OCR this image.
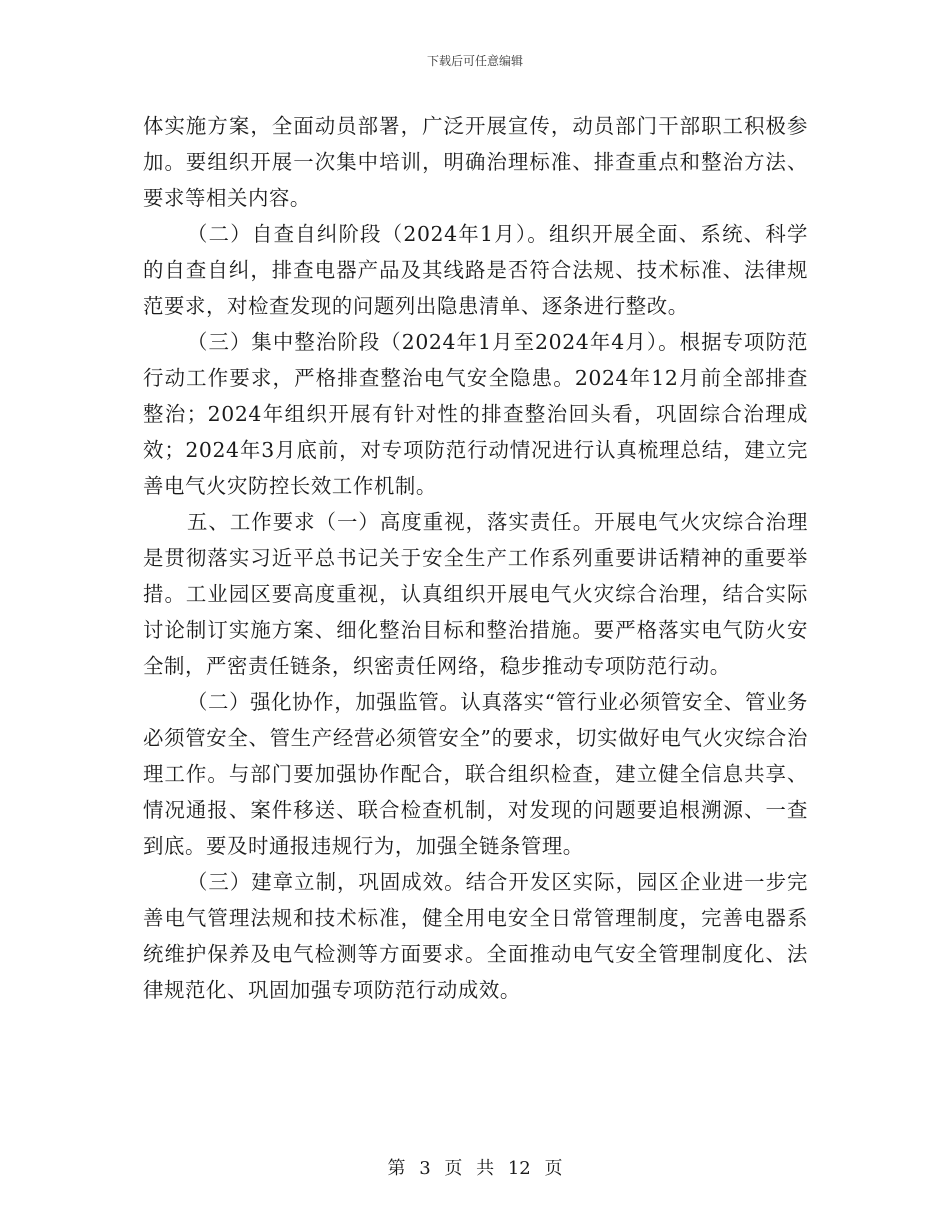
下载后可任意编辑

体实施方案，全面动员部署，广泛开展宣传，动员部门干部职工积极参加。要组织开展一次集中培训，明确治理标准、排查重点和整治方法、要求等相关内容。

（二）自查自纠阶段（2024年1月）。组织开展全面、系统、科学的自查自纠，排查电器产品及其线路是否符合法规、技术标准、法律规范要求，对检查发现的问题列出隐患清单、逐条进行整改。

（三）集中整治阶段（2024年1月至2024年4月）。根据专项防范行动工作要求，严格排查整治电气安全隐患。2024年12月前全部排查整治；2024年组织开展有针对性的排查整治回头看，巩固综合治理成效；2024年3月底前，对专项防范行动情况进行认真梳理总结，建立完善电气火灾防控长效工作机制。

五、工作要求（一）高度重视，落实责任。开展电气火灾综合治理是贯彻落实习近平总书记关于安全生产工作系列重要讲话精神的重要举措。工业园区要高度重视，认真组织开展电气火灾综合治理，结合实际讨论制订实施方案、细化整治目标和整治措施。要严格落实电气防火安全制，严密责任链条，织密责任网络，稳步推动专项防范行动。

（二）强化协作，加强监管。认真落实“管行业必须管安全、管业务必须管安全、管生产经营必须管安全”的要求，切实做好电气火灾综合治理工作。与部门要加强协作配合，联合组织检查，建立健全信息共享、情况通报、案件移送、联合检查机制，对发现的问题要追根溯源、一查到底。要及时通报违规行为，加强全链条管理。

（三）建章立制，巩固成效。结合开发区实际，园区企业进一步完善电气管理法规和技术标准，健全用电安全日常管理制度，完善电器系统维护保养及电气检测等方面要求。全面推动电气安全管理制度化、法律规范化、巩固加强专项防范行动成效。

第 3 页 共 12 页
